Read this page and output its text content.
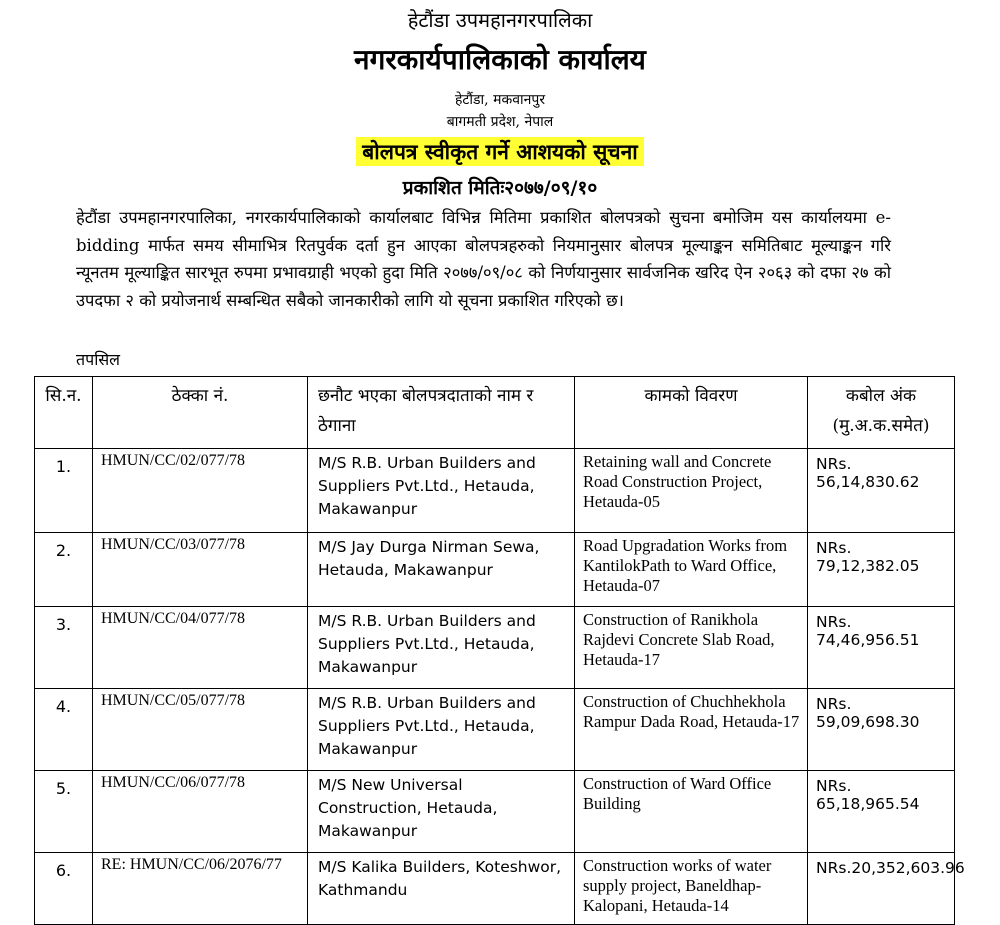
हेटौंडा उपमहानगरपालिका
नगरकार्यपालिकाको कार्यालय
हेटौंडा, मकवानपुर
बागमती प्रदेश, नेपाल
बोलपत्र स्वीकृत गर्ने आशयको सूचना
प्रकाशित मितिः२०७७/०९/१०
हेटौंडा उपमहानगरपालिका, नगरकार्यपालिकाको कार्यालबाट विभिन्न मितिमा प्रकाशित बोलपत्रको सुचना बमोजिम यस कार्यालयमा e-bidding मार्फत समय सीमाभित्र रितपुर्वक दर्ता हुन आएका बोलपत्रहरुको नियमानुसार बोलपत्र मूल्याङ्कन समितिबाट मूल्याङ्कन गरि न्यूनतम मूल्याङ्कित सारभूत रुपमा प्रभावग्राही भएको हुदा मिति २०७७/०९/०८ को निर्णयानुसार सार्वजनिक खरिद ऐन २०६३ को दफा २७ को उपदफा २ को प्रयोजनार्थ सम्बन्धित सबैको जानकारीको लागि यो सूचना प्रकाशित गरिएको छ।
तपसिल
सि.न.	ठेक्का नं.	छनौट भएका बोलपत्रदाताको नाम र ठेगाना	कामको विवरण	कबोल अंक (मु.अ.क.समेत)
1.	HMUN/CC/02/077/78	M/S R.B. Urban Builders and Suppliers Pvt.Ltd., Hetauda, Makawanpur	Retaining wall and Concrete Road Construction Project, Hetauda-05	NRs. 56,14,830.62
2.	HMUN/CC/03/077/78	M/S Jay Durga Nirman Sewa, Hetauda, Makawanpur	Road Upgradation Works from KantilokPath to Ward Office, Hetauda-07	NRs. 79,12,382.05
3.	HMUN/CC/04/077/78	M/S R.B. Urban Builders and Suppliers Pvt.Ltd., Hetauda, Makawanpur	Construction of Ranikhola Rajdevi Concrete Slab Road, Hetauda-17	NRs. 74,46,956.51
4.	HMUN/CC/05/077/78	M/S R.B. Urban Builders and Suppliers Pvt.Ltd., Hetauda, Makawanpur	Construction of Chuchhekhola Rampur Dada Road, Hetauda-17	NRs. 59,09,698.30
5.	HMUN/CC/06/077/78	M/S New Universal Construction, Hetauda, Makawanpur	Construction of Ward Office Building	NRs. 65,18,965.54
6.	RE: HMUN/CC/06/2076/77	M/S Kalika Builders, Koteshwor, Kathmandu	Construction works of water supply project, Baneldhap-Kalopani, Hetauda-14	NRs.20,352,603.96
